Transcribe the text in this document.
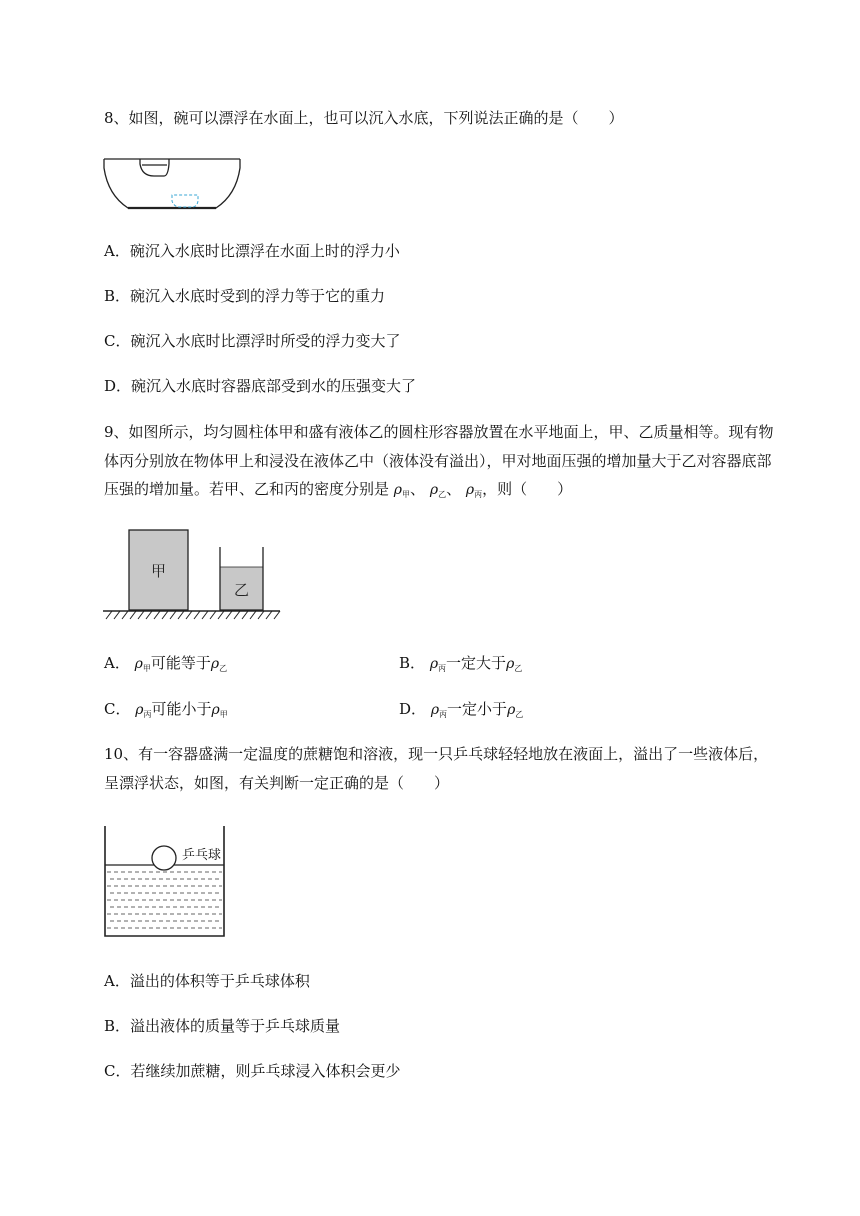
8、如图，碗可以漂浮在水面上，也可以沉入水底，下列说法正确的是（　　）
A．碗沉入水底时比漂浮在水面上时的浮力小
B．碗沉入水底时受到的浮力等于它的重力
C．碗沉入水底时比漂浮时所受的浮力变大了
D．碗沉入水底时容器底部受到水的压强变大了
9、如图所示，均匀圆柱体甲和盛有液体乙的圆柱形容器放置在水平地面上，甲、乙质量相等。现有物
体丙分别放在物体甲上和浸没在液体乙中（液体没有溢出），甲对地面压强的增加量大于乙对容器底部
压强的增加量。若甲、乙和丙的密度分别是 $\rho_甲$、 $\rho_乙$、 $\rho_丙$，则（　　）
甲
乙
A． $\rho_甲$可能等于$\rho_乙$	B． $\rho_丙$一定大于$\rho_乙$
C． $\rho_丙$可能小于$\rho_甲$	D． $\rho_丙$一定小于$\rho_乙$
10、有一容器盛满一定温度的蔗糖饱和溶液，现一只乒乓球轻轻地放在液面上，溢出了一些液体后，
呈漂浮状态，如图，有关判断一定正确的是（　　）
乒乓球
A．溢出的体积等于乒乓球体积
B．溢出液体的质量等于乒乓球质量
C．若继续加蔗糖，则乒乓球浸入体积会更少
